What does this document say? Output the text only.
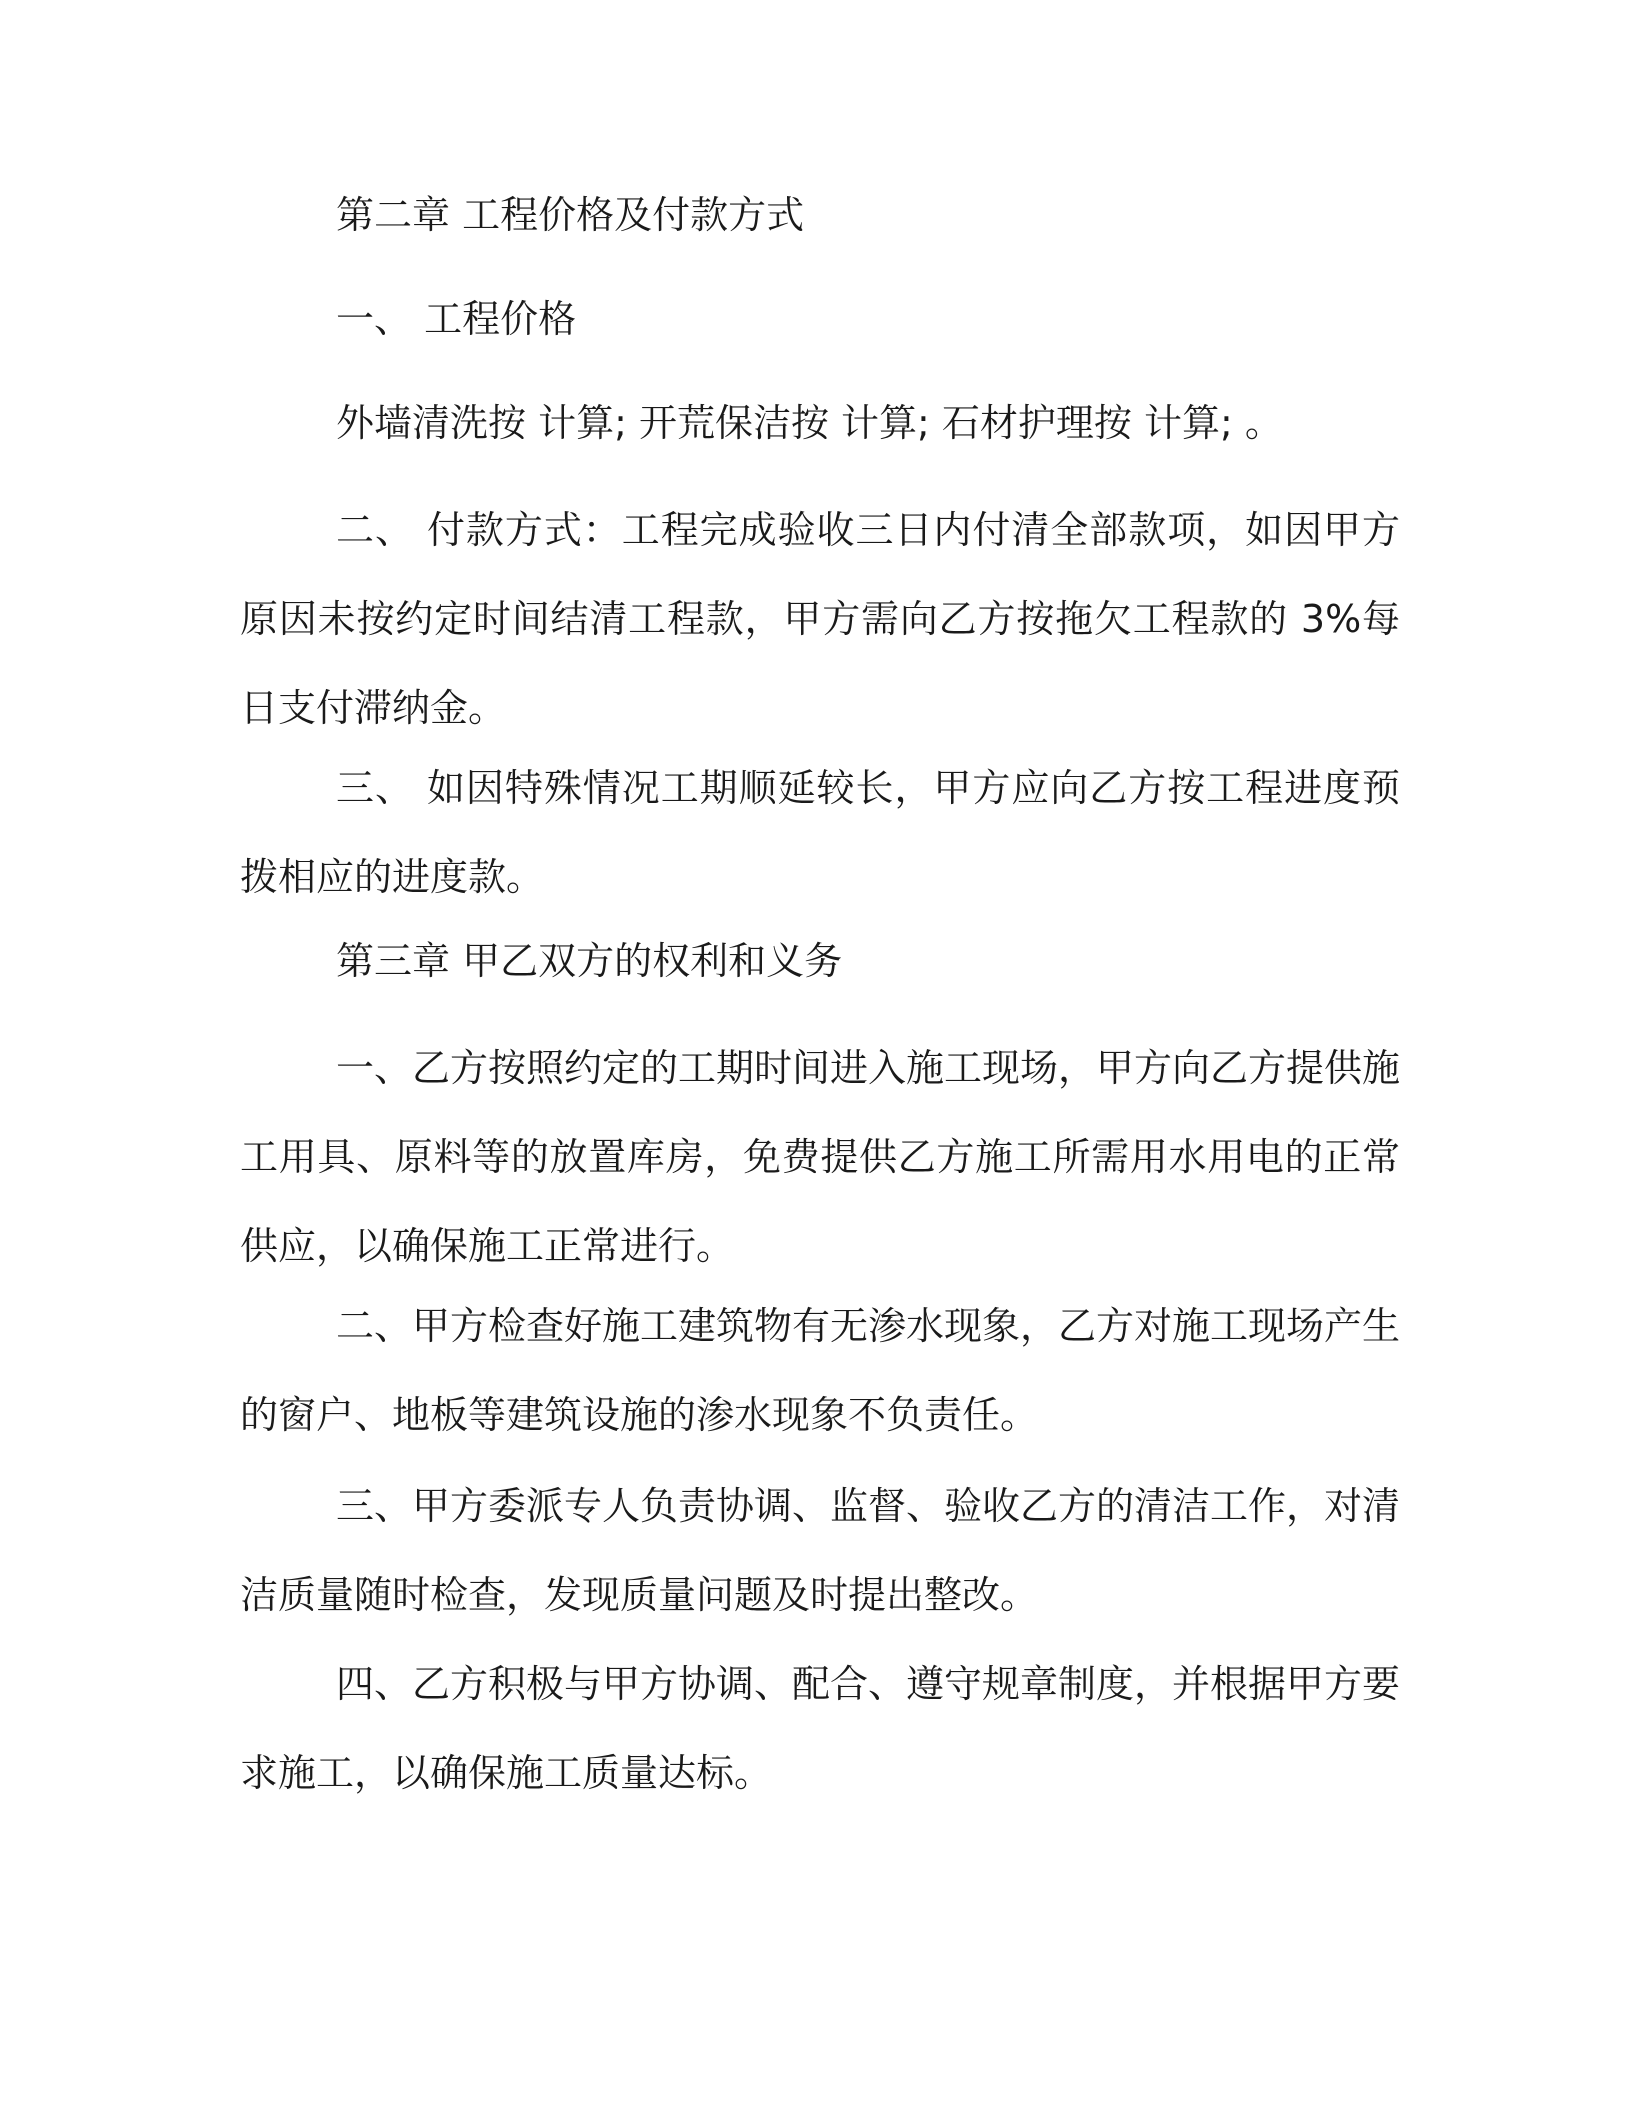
第二章 工程价格及付款方式
一、 工程价格
外墙清洗按 计算; 开荒保洁按 计算; 石材护理按 计算; 。
二、 付款方式：工程完成验收三日内付清全部款项，如因甲方原因未按约定时间结清工程款，甲方需向乙方按拖欠工程款的 3%每日支付滞纳金。
三、 如因特殊情况工期顺延较长，甲方应向乙方按工程进度预拨相应的进度款。
第三章 甲乙双方的权利和义务
一、乙方按照约定的工期时间进入施工现场，甲方向乙方提供施工用具、原料等的放置库房，免费提供乙方施工所需用水用电的正常供应，以确保施工正常进行。
二、甲方检查好施工建筑物有无渗水现象，乙方对施工现场产生的窗户、地板等建筑设施的渗水现象不负责任。
三、甲方委派专人负责协调、监督、验收乙方的清洁工作，对清洁质量随时检查，发现质量问题及时提出整改。
四、乙方积极与甲方协调、配合、遵守规章制度，并根据甲方要求施工，以确保施工质量达标。
